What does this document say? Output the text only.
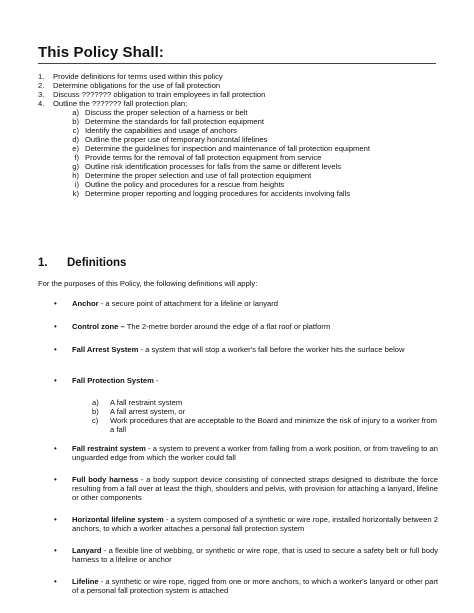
This Policy Shall:
1.	Provide definitions for terms used within this policy
2.	Determine obligations for the use of fall protection
3.	Discuss ??????? obligation to train employees in fall protection
4.	Outline the ??????? fall protection plan;
a) Discuss the proper selection of a harness or belt
b) Determine the standards for fall protection equipment
c) Identify the capabilities and usage of anchors
d) Outline the proper use of temporary horizontal lifelines
e) Determine the guidelines for inspection and maintenance of fall protection equipment
f) Provide terms for the removal of fall protection equipment from service
g) Outline risk identification processes for falls from the same or different levels
h) Determine the proper selection and use of fall protection equipment
i) Outline the policy and procedures for a rescue from heights
k) Determine proper reporting and logging procedures for accidents involving falls
1. Definitions
For the purposes of this Policy, the following definitions will apply:
• Anchor - a secure point of attachment for a lifeline or lanyard
• Control zone – The 2-metre border around the edge of a flat roof or platform
• Fall Arrest System - a system that will stop a worker's fall before the worker hits the surface below
• Fall Protection System -
a) A fall restraint system
b) A fall arrest system, or
c) Work procedures that are acceptable to the Board and minimize the risk of injury to a worker from a fall
• Fall restraint system - a system to prevent a worker from falling from a work position, or from traveling to an unguarded edge from which the worker could fall
• Full body harness - a body support device consisting of connected straps designed to distribute the force resulting from a fall over at least the thigh, shoulders and pelvis, with provision for attaching a lanyard, lifeline or other components
• Horizontal lifeline system - a system composed of a synthetic or wire rope, installed horizontally between 2 anchors, to which a worker attaches a personal fall protection system
• Lanyard - a flexible line of webbing, or synthetic or wire rope, that is used to secure a safety belt or full body harness to a lifeline or anchor
• Lifeline - a synthetic or wire rope, rigged from one or more anchors, to which a worker's lanyard or other part of a personal fall protection system is attached
